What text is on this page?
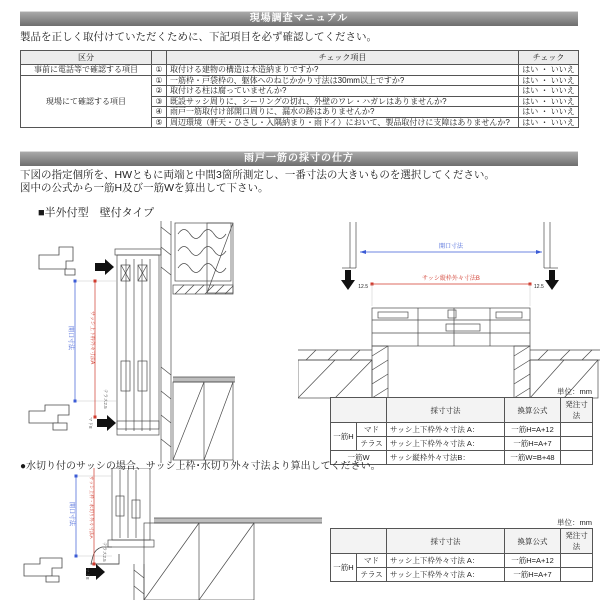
現場調査マニュアル
製品を正しく取付けていただくために、下記項目を必ず確認してください。
区分		チェック項目	チェック
事前に電話等で確認する項目	①	取付ける建物の構造は木造納まりですか?	はい ・ いいえ
現場にて確認する項目	①	一筋枠・戸袋枠の、躯体へのねじかかり寸法は30mm以上ですか?	はい ・ いいえ
	②	取付ける柱は腐っていませんか?	はい ・ いいえ
	③	既設サッシ周りに、シーリングの切れ、外壁のワレ・ハガレはありませんか?	はい ・ いいえ
	④	雨戸一筋取付け部開口周りに、漏水の跡はありませんか?	はい ・ いいえ
	⑤	周辺環境（軒天・ひさし・入隅納まり・雨ドイ）において、製品取付けに支障はありませんか?	はい ・ いいえ
雨戸一筋の採寸の仕方
下図の指定個所を、HWともに両端と中間3箇所測定し、一番寸法の大きいものを選択してください。
図中の公式から一筋H及び一筋Wを算出して下さい。
■半外付型　壁付タイプ
開口寸法	サッシ上下枠外々寸法A
テラス2.5
マド8
開口寸法
サッシ縦枠外々寸法B
12.5	12.5
単位：mm
		採寸寸法	換算公式	発注寸法
一筋H	マド	サッシ上下枠外々寸法 A：	一筋H=A+12	
	テラス	サッシ上下枠外々寸法 A：	一筋H=A+7	
一筋W		サッシ縦枠外々寸法B：	一筋W=B+48	
●水切り付のサッシの場合、サッシ上枠･水切り外々寸法より算出してください。
開口寸法	サッシ上枠・水切り外々寸法A
テラス2.5
マド8
単位：mm
		採寸寸法	換算公式	発注寸法
一筋H	マド	サッシ上下枠外々寸法 A：	一筋H=A+12	
	テラス	サッシ上下枠外々寸法 A：	一筋H=A+7	
